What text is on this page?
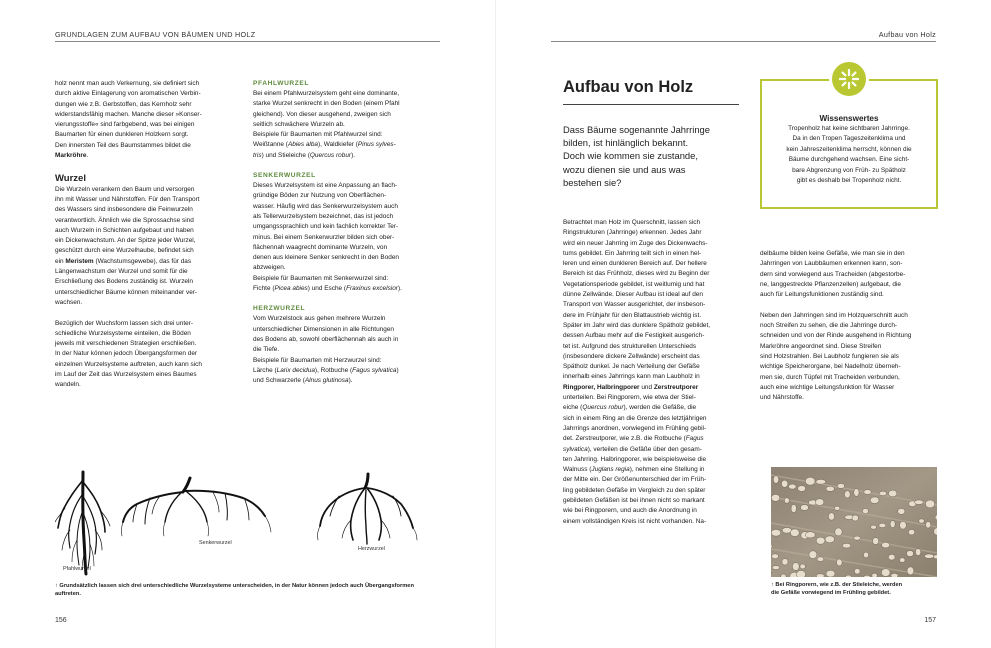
GRUNDLAGEN ZUM AUFBAU VON BÄUMEN UND HOLZ	Aufbau von Holz

holz nennt man auch Verkernung, sie definiert sich
durch aktive Einlagerung von aromatischen Verbin-
dungen wie z.B. Gerbstoffen, das Kernholz sehr
widerstandsfähig machen. Manche dieser »Konser-
vierungsstoffe« sind farbgebend, was bei einigen
Baumarten für einen dunkleren Holzkern sorgt.
Den innersten Teil des Baumstammes bildet die

Markröhre.

Wurzel

Die Wurzeln verankern den Baum und versorgen
ihn mit Wasser und Nährstoffen. Für den Transport
des Wassers sind insbesondere die Feinwurzeln
verantwortlich. Ähnlich wie die Sprossachse sind
auch Wurzeln in Schichten aufgebaut und haben
ein Dickenwachstum. An der Spitze jeder Wurzel,
geschützt durch eine Wurzelhaube, befindet sich

ein Meristem (Wachstumsgewebe), das für das

Längenwachstum der Wurzel und somit für die
Erschließung des Bodens zuständig ist. Wurzeln
unterschiedlicher Bäume können miteinander ver-
wachsen.

Bezüglich der Wuchsform lassen sich drei unter-
schiedliche Wurzelsysteme einteilen, die Böden
jeweils mit verschiedenen Strategien erschließen.
In der Natur können jedoch Übergangsformen der
einzelnen Wurzelsysteme auftreten, auch kann sich
im Lauf der Zeit das Wurzelsystem eines Baumes
wandeln.

PFAHLWURZEL

Bei einem Pfahlwurzelsystem geht eine dominante,
starke Wurzel senkrecht in den Boden (einem Pfahl
gleichend). Von dieser ausgehend, zweigen sich
seitlich schwächere Wurzeln ab.
Beispiele für Baumarten mit Pfahlwurzel sind:

Weißtanne (Abies alba), Waldkiefer (Pinus sylves-

tris) und Stieleiche (Quercus robur).

SENKERWURZEL

Dieses Wurzelsystem ist eine Anpassung an flach-
gründige Böden zur Nutzung von Oberflächen-
wasser. Häufig wird das Senkerwurzelsystem auch
als Tellerwurzelsystem bezeichnet, das ist jedoch
umgangssprachlich und kein fachlich korrekter Ter-
minus. Bei einem Senkerwurzler bilden sich ober-
flächennah waagrecht dominante Wurzeln, von
denen aus kleinere Senker senkrecht in den Boden
abzweigen.
Beispiele für Baumarten mit Senkerwurzel sind:

Fichte (Picea abies) und Esche (Fraxinus excelsior).

HERZWURZEL

Vom Wurzelstock aus gehen mehrere Wurzeln
unterschiedlicher Dimensionen in alle Richtungen
des Bodens ab, sowohl oberflächennah als auch in
die Tiefe.
Beispiele für Baumarten mit Herzwurzel sind:

Lärche (Larix decidua), Rotbuche (Fagus sylvatica)

und Schwarzerle (Alnus glutinosa).

Pfahlwurzel
Senkerwurzel
Herzwurzel
↑ Grundsätzlich lassen sich drei unterschiedliche Wurzelsysteme unterscheiden, in der Natur können jedoch auch Übergangsformen
auftreten.
156	157
Aufbau von Holz
Dass Bäume sogenannte Jahrringe
bilden, ist hinlänglich bekannt.
Doch wie kommen sie zustande,
wozu dienen sie und aus was
bestehen sie?
Wissenswertes
Tropenholz hat keine sichtbaren Jahrringe.
Da in den Tropen Tageszeitenklima und
kein Jahreszeitenklima herrscht, können die
Bäume durchgehend wachsen. Eine sicht-
bare Abgrenzung von Früh- zu Spätholz
gibt es deshalb bei Tropenholz nicht.

Betrachtet man Holz im Querschnitt, lassen sich
Ringstrukturen (Jahrringe) erkennen. Jedes Jahr
wird ein neuer Jahrring im Zuge des Dickenwachs-
tums gebildet. Ein Jahrring teilt sich in einen hel-
leren und einen dunkleren Bereich auf. Der hellere
Bereich ist das Frühholz, dieses wird zu Beginn der
Vegetationsperiode gebildet, ist weitlumig und hat
dünne Zellwände. Dieser Aufbau ist ideal auf den
Transport von Wasser ausgerichtet, der insbeson-
dere im Frühjahr für den Blattaustrieb wichtig ist.
Später im Jahr wird das dunklere Spätholz gebildet,
dessen Aufbau mehr auf die Festigkeit ausgerich-
tet ist. Aufgrund des strukturellen Unterschieds
(insbesondere dickere Zellwände) erscheint das
Spätholz dunkel. Je nach Verteilung der Gefäße
innerhalb eines Jahrrings kann man Laubholz in

Ringporer, Halbringporer und Zerstreutporer

unterteilen. Bei Ringporern, wie etwa der Stiel-

eiche (Quercus robur), werden die Gefäße, die

sich in einem Ring an die Grenze des letztjährigen
Jahrrings anordnen, vorwiegend im Frühling gebil-
det. Zerstreutporer, wie z.B. die Rotbuche (Fagus

sylvatica), verteilen die Gefäße über den gesam-

ten Jahrring. Halbringporer, wie beispielsweise die

Walnuss (Juglans regia), nehmen eine Stellung in

der Mitte ein. Der Größenunterschied der im Früh-
ling gebildeten Gefäße im Vergleich zu den später
gebildeten Gefäßen ist bei ihnen nicht so markant
wie bei Ringporern, und auch die Anordnung in
einem vollständigen Kreis ist nicht vorhanden. Na-

delbäume bilden keine Gefäße, wie man sie in den
Jahrringen von Laubbäumen erkennen kann, son-
dern sind vorwiegend aus Tracheiden (abgestorbe-
ne, langgestreckte Pflanzenzellen) aufgebaut, die
auch für Leitungsfunktionen zuständig sind.

Neben den Jahrringen sind im Holzquerschnitt auch
noch Streifen zu sehen, die die Jahrringe durch-
schneiden und von der Rinde ausgehend in Richtung
Markröhre angeordnet sind. Diese Streifen
sind Holzstrahlen. Bei Laubholz fungieren sie als
wichtige Speicherorgane, bei Nadelholz überneh-
men sie, durch Tüpfel mit Tracheiden verbunden,
auch eine wichtige Leitungsfunktion für Wasser
und Nährstoffe.

↑ Bei Ringporern, wie z.B. der Stieleiche, werden
die Gefäße vorwiegend im Frühling gebildet.
